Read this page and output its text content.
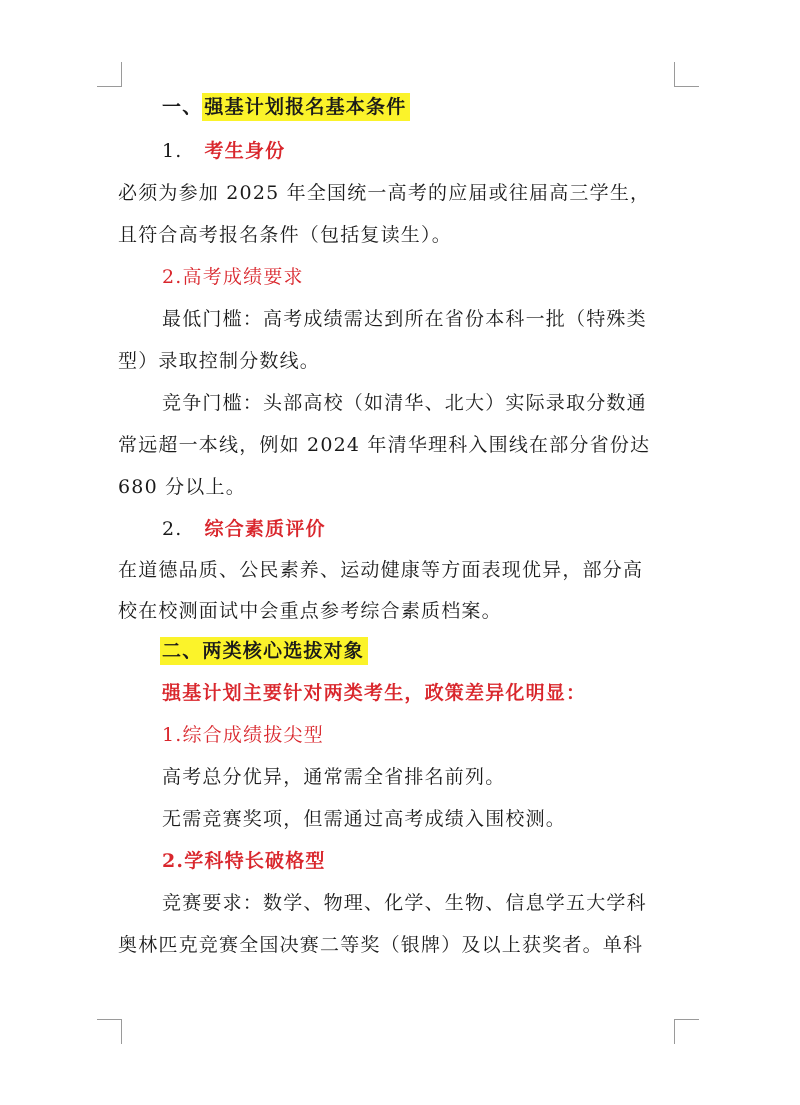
一、 强基计划报名基本条件
1. 考生身份
必须为参加 2025 年全国统一高考的应届或往届高三学生，
且符合高考报名条件（包括复读生）。
2.高考成绩要求
最低门槛：高考成绩需达到所在省份本科一批（特殊类
型）录取控制分数线。
竞争门槛：头部高校（如清华、北大）实际录取分数通
常远超一本线，例如 2024 年清华理科入围线在部分省份达
680 分以上。
2. 综合素质评价
在道德品质、公民素养、运动健康等方面表现优异，部分高
校在校测面试中会重点参考综合素质档案。
二、两类核心选拔对象
强基计划主要针对两类考生，政策差异化明显：
1.综合成绩拔尖型
高考总分优异，通常需全省排名前列。
无需竞赛奖项，但需通过高考成绩入围校测。
2.学科特长破格型
竞赛要求：数学、物理、化学、生物、信息学五大学科
奥林匹克竞赛全国决赛二等奖（银牌）及以上获奖者。单科
